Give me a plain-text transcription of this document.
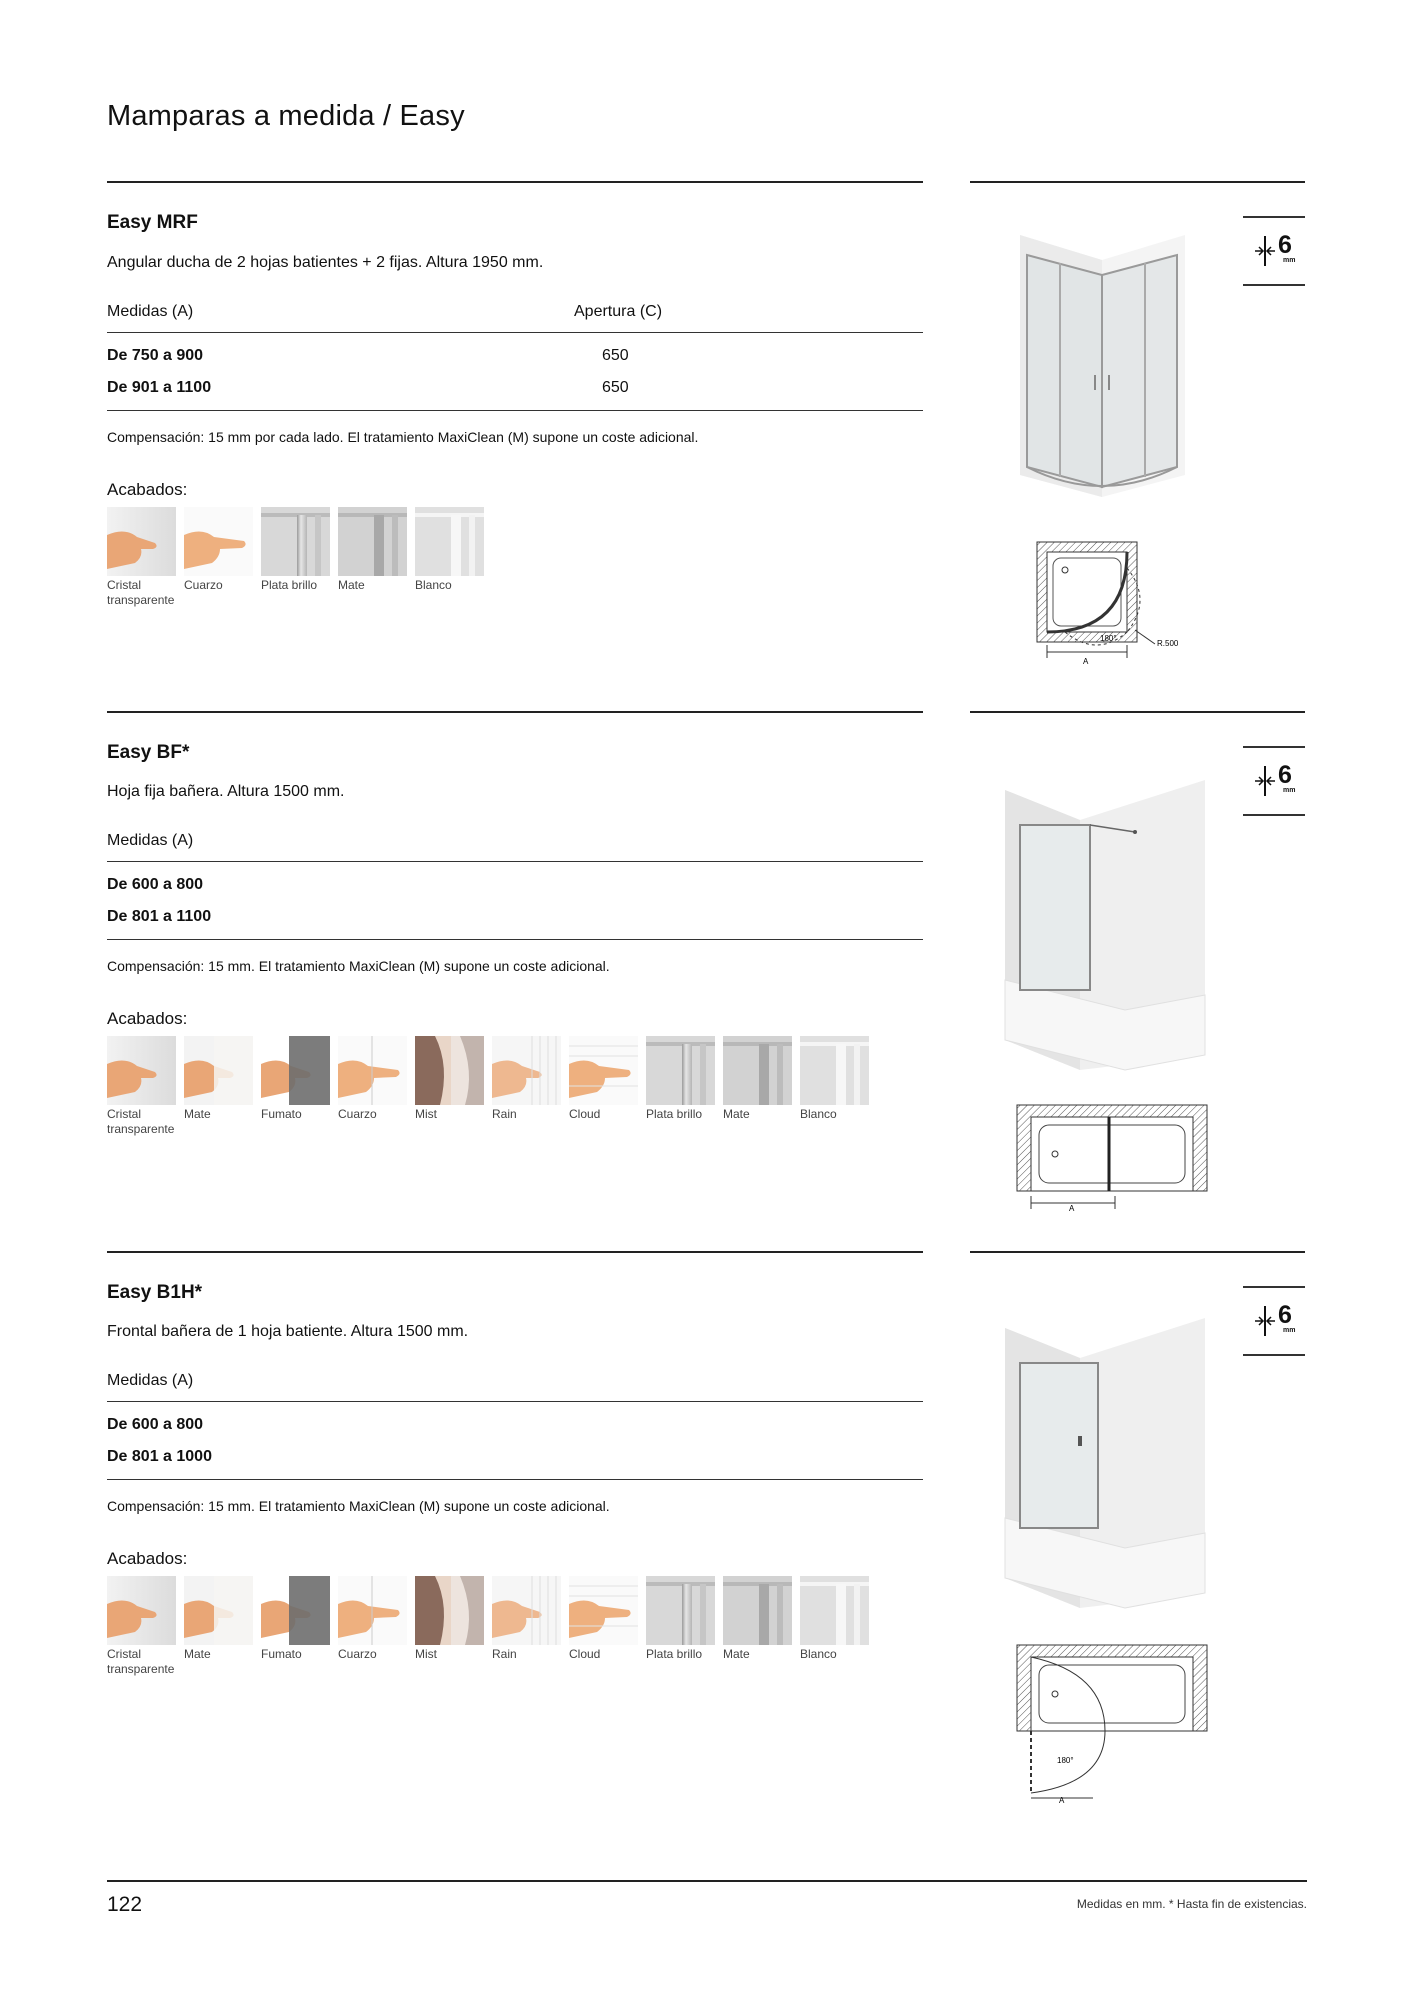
Mamparas a medida / Easy
Easy MRF
Angular ducha de 2 hojas batientes + 2 fijas. Altura 1950 mm.
Medidas (A)	Apertura (C)
De 750 a 900	650
De 901 a 1100	650
Compensación: 15 mm por cada lado. El tratamiento MaxiClean (M) supone un coste adicional.
Acabados:
Cristal transparente
Cuarzo	Plata brillo	Mate	Blanco
6
mm
180°
R.500
A
Easy BF*
Hoja fija bañera. Altura 1500 mm.
Medidas (A)
De 600 a 800
De 801 a 1100
Compensación: 15 mm. El tratamiento MaxiClean (M) supone un coste adicional.
Acabados:
Cristal transparente
Mate	Fumato	Cuarzo	Mist	Rain	Cloud	Plata brillo	Mate	Blanco
6
mm
A
Easy B1H*
Frontal bañera de 1 hoja batiente. Altura 1500 mm.
Medidas (A)
De 600 a 800
De 801 a 1000
Compensación: 15 mm. El tratamiento MaxiClean (M) supone un coste adicional.
Acabados:
Cristal transparente
Mate	Fumato	Cuarzo	Mist	Rain	Cloud	Plata brillo	Mate	Blanco
6
mm
180°
A
122	Medidas en mm. * Hasta fin de existencias.
